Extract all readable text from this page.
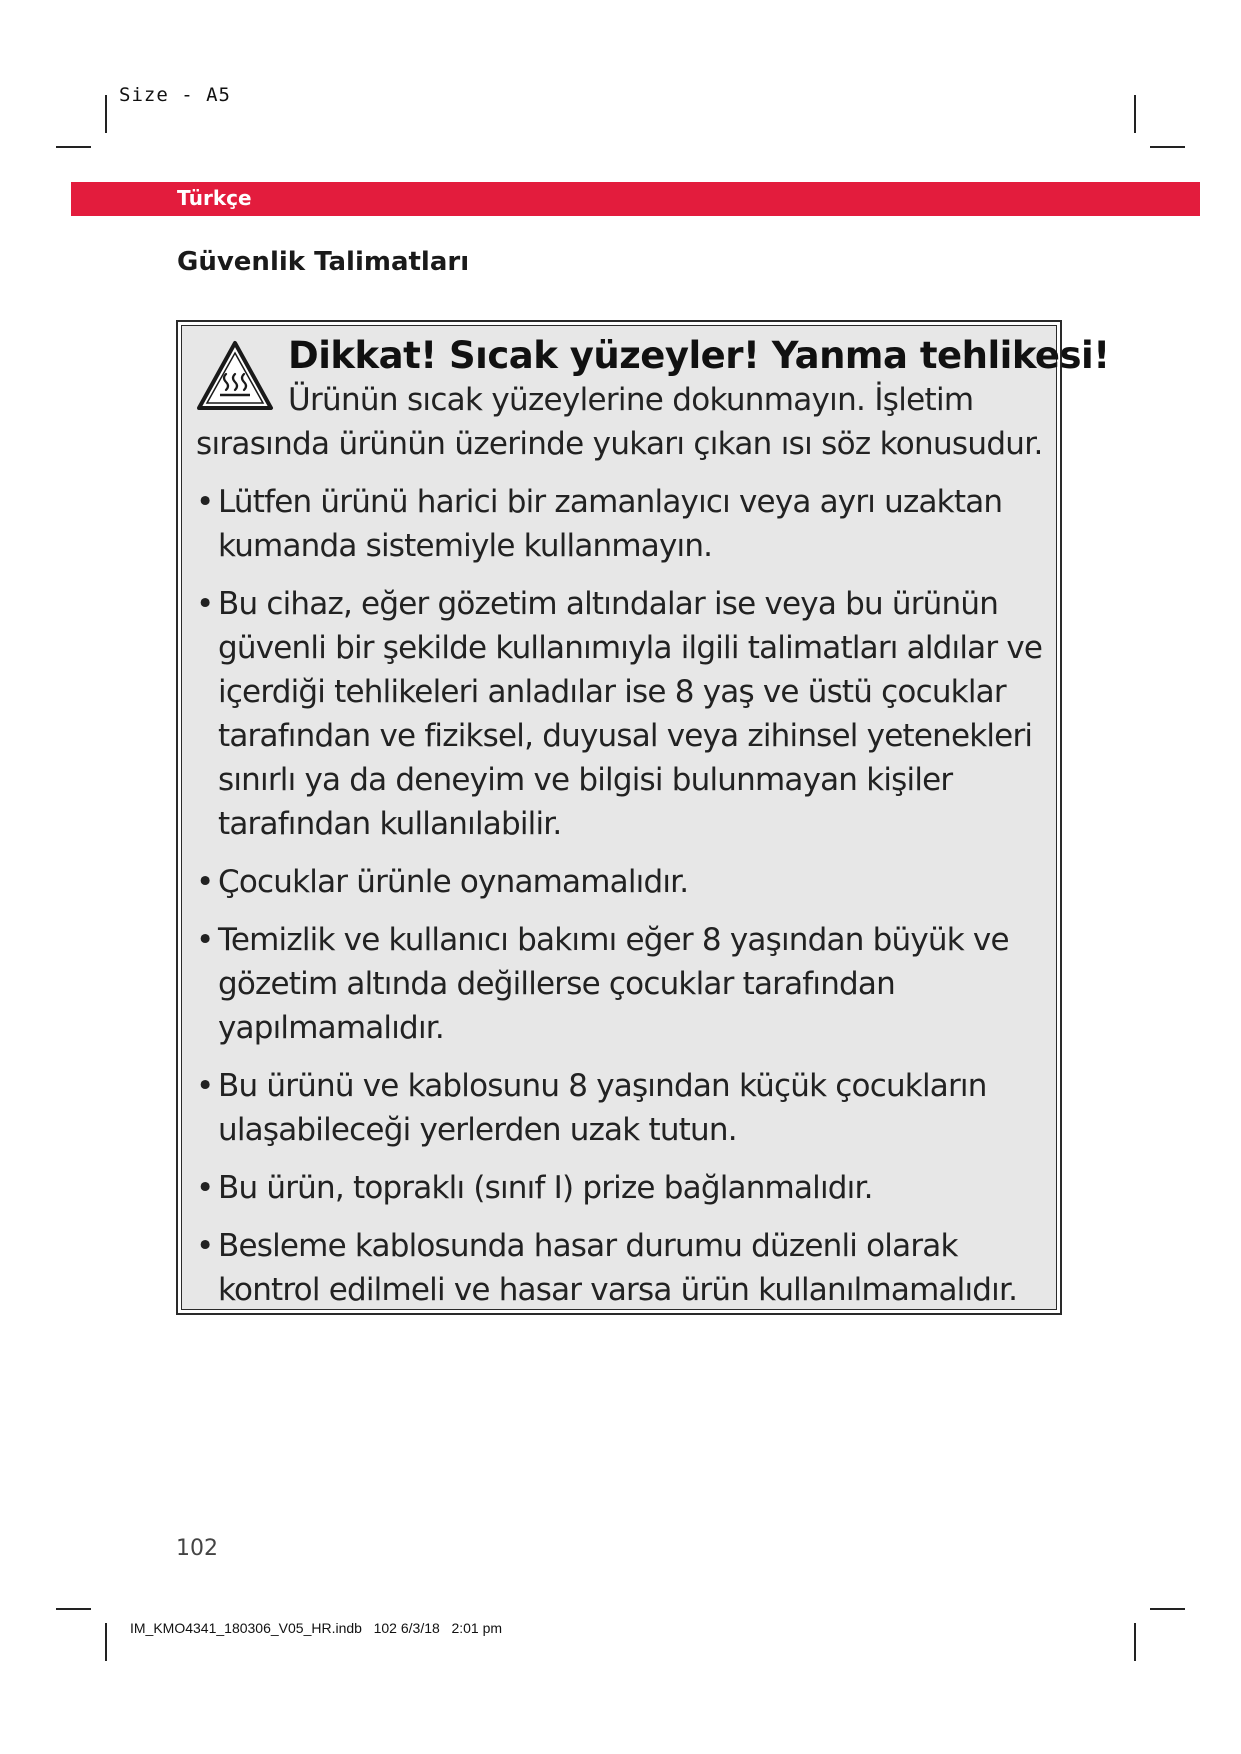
Size - A5
Türkçe
Güvenlik Talimatları
Dikkat! Sıcak yüzeyler! Yanma tehlikesi!
Ürünün sıcak yüzeylerine dokunmayın. İşletim sırasında ürünün üzerinde yukarı çıkan ısı söz konusudur.
• Lütfen ürünü harici bir zamanlayıcı veya ayrı uzaktan kumanda sistemiyle kullanmayın.
• Bu cihaz, eğer gözetim altındalar ise veya bu ürünün güvenli bir şekilde kullanımıyla ilgili talimatları aldılar ve içerdiği tehlikeleri anladılar ise 8 yaş ve üstü çocuklar tarafından ve fiziksel, duyusal veya zihinsel yetenekleri sınırlı ya da deneyim ve bilgisi bulunmayan kişiler tarafından kullanılabilir.
• Çocuklar ürünle oynamamalıdır.
• Temizlik ve kullanıcı bakımı eğer 8 yaşından büyük ve gözetim altında değillerse çocuklar tarafından yapılmamalıdır.
• Bu ürünü ve kablosunu 8 yaşından küçük çocukların ulaşabileceği yerlerden uzak tutun.
• Bu ürün, topraklı (sınıf I) prize bağlanmalıdır.
• Besleme kablosunda hasar durumu düzenli olarak kontrol edilmeli ve hasar varsa ürün kullanılmamalıdır.
102
IM_KMO4341_180306_V05_HR.indb   102 6/3/18   2:01 pm
